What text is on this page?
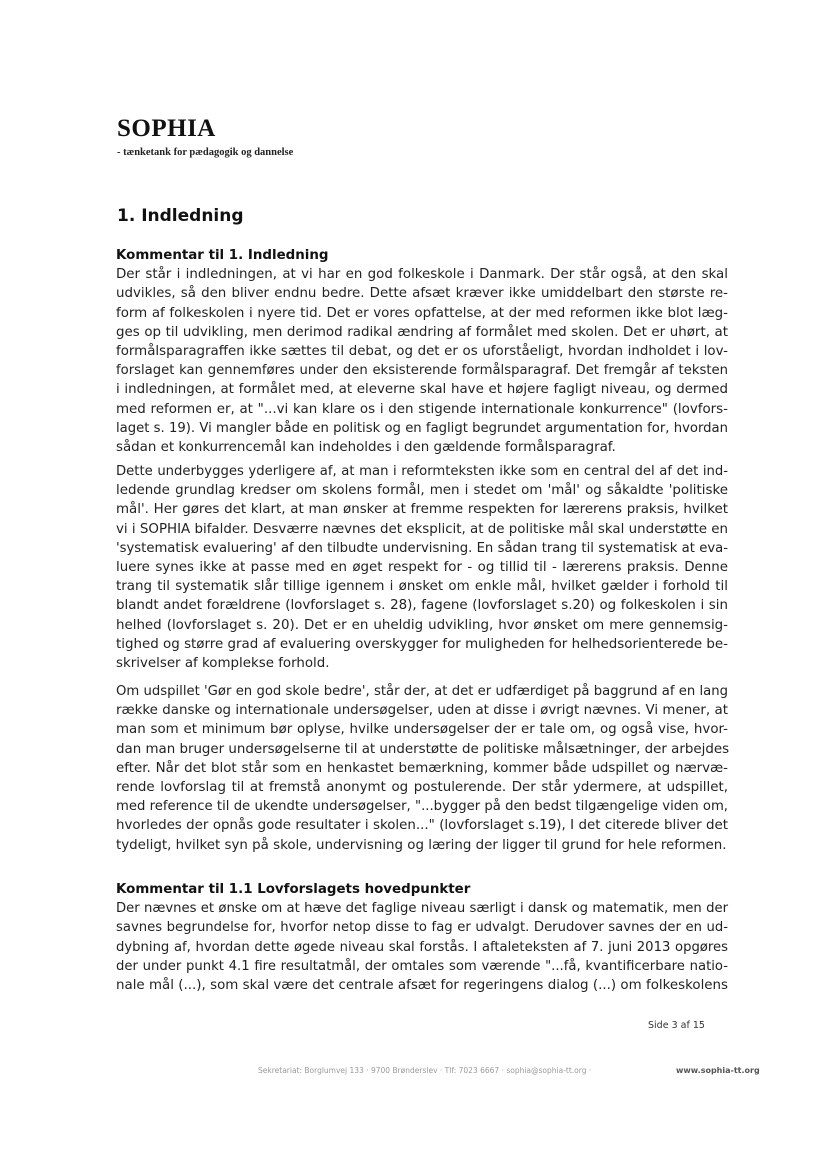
SOPHIA
- tænketank for pædagogik og dannelse
1. Indledning
Kommentar til 1. Indledning
Der står i indledningen, at vi har en god folkeskole i Danmark. Der står også, at den skal
udvikles, så den bliver endnu bedre. Dette afsæt kræver ikke umiddelbart den største re-
form af folkeskolen i nyere tid. Det er vores opfattelse, at der med reformen ikke blot læg-
ges op til udvikling, men derimod radikal ændring af formålet med skolen. Det er uhørt, at
formålsparagraffen ikke sættes til debat, og det er os uforståeligt, hvordan indholdet i lov-
forslaget kan gennemføres under den eksisterende formålsparagraf. Det fremgår af teksten
i indledningen, at formålet med, at eleverne skal have et højere fagligt niveau, og dermed
med reformen er, at "...vi kan klare os i den stigende internationale konkurrence" (lovfors-
laget s. 19). Vi mangler både en politisk og en fagligt begrundet argumentation for, hvordan
sådan et konkurrencemål kan indeholdes i den gældende formålsparagraf.
Dette underbygges yderligere af, at man i reformteksten ikke som en central del af det ind-
ledende grundlag kredser om skolens formål, men i stedet om 'mål' og såkaldte 'politiske
mål'. Her gøres det klart, at man ønsker at fremme respekten for lærerens praksis, hvilket
vi i SOPHIA bifalder. Desværre nævnes det eksplicit, at de politiske mål skal understøtte en
'systematisk evaluering' af den tilbudte undervisning. En sådan trang til systematisk at eva-
luere synes ikke at passe med en øget respekt for - og tillid til - lærerens praksis. Denne
trang til systematik slår tillige igennem i ønsket om enkle mål, hvilket gælder i forhold til
blandt andet forældrene (lovforslaget s. 28), fagene (lovforslaget s.20) og folkeskolen i sin
helhed (lovforslaget s. 20). Det er en uheldig udvikling, hvor ønsket om mere gennemsig-
tighed og større grad af evaluering overskygger for muligheden for helhedsorienterede be-
skrivelser af komplekse forhold.
Om udspillet 'Gør en god skole bedre', står der, at det er udfærdiget på baggrund af en lang
række danske og internationale undersøgelser, uden at disse i øvrigt nævnes. Vi mener, at
man som et minimum bør oplyse, hvilke undersøgelser der er tale om, og også vise, hvor-
dan man bruger undersøgelserne til at understøtte de politiske målsætninger, der arbejdes
efter. Når det blot står som en henkastet bemærkning, kommer både udspillet og nærvæ-
rende lovforslag til at fremstå anonymt og postulerende. Der står ydermere, at udspillet,
med reference til de ukendte undersøgelser, "...bygger på den bedst tilgængelige viden om,
hvorledes der opnås gode resultater i skolen..." (lovforslaget s.19), I det citerede bliver det
tydeligt, hvilket syn på skole, undervisning og læring der ligger til grund for hele reformen.
Kommentar til 1.1 Lovforslagets hovedpunkter
Der nævnes et ønske om at hæve det faglige niveau særligt i dansk og matematik, men der
savnes begrundelse for, hvorfor netop disse to fag er udvalgt. Derudover savnes der en ud-
dybning af, hvordan dette øgede niveau skal forstås. I aftaleteksten af 7. juni 2013 opgøres
der under punkt 4.1 fire resultatmål, der omtales som værende "...få, kvantificerbare natio-
nale mål (...), som skal være det centrale afsæt for regeringens dialog (...) om folkeskolens
Side 3 af 15
Sekretariat: Borglumvej 133 · 9700 Brønderslev · Tlf: 7023 6667 · sophia@sophia-tt.org ·	www.sophia-tt.org
